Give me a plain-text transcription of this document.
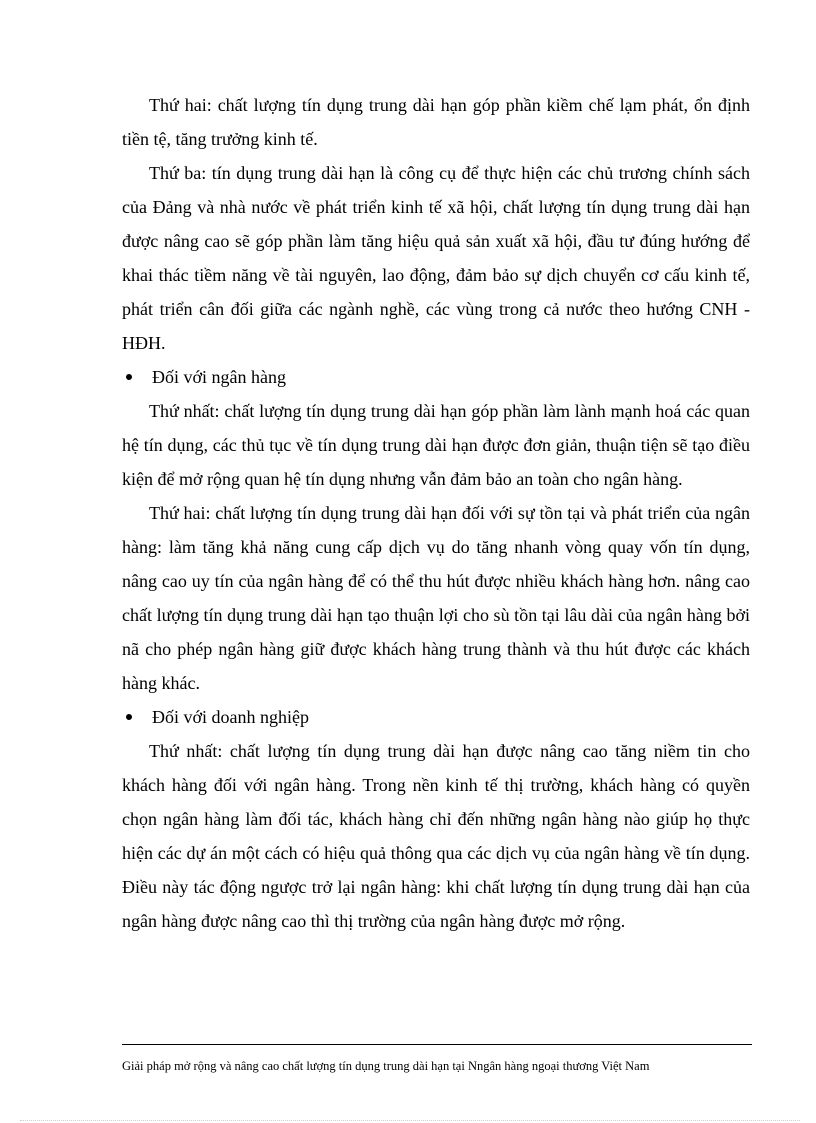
Thứ hai: chất lượng tín dụng trung dài hạn góp phần kiềm chế lạm phát, ổn định tiền tệ, tăng trưởng kinh tế.

Thứ ba: tín dụng trung dài hạn là công cụ để thực hiện các chủ trương chính sách của Đảng và nhà nước về phát triển kinh tế xã hội, chất lượng tín dụng trung dài hạn được nâng cao sẽ góp phần làm tăng hiệu quả sản xuất xã hội, đầu tư đúng hướng để khai thác tiềm năng về tài nguyên, lao động, đảm bảo sự dịch chuyển cơ cấu kinh tế, phát triển cân đối giữa các ngành nghề, các vùng trong cả nước theo hướng CNH - HĐH.

Đối với ngân hàng

Thứ nhất: chất lượng tín dụng trung dài hạn góp phần làm lành mạnh hoá các quan hệ tín dụng, các thủ tục về tín dụng trung dài hạn được đơn giản, thuận tiện sẽ tạo điều kiện để mở rộng quan hệ tín dụng nhưng vẫn đảm bảo an toàn cho ngân hàng.

Thứ hai: chất lượng tín dụng trung dài hạn đối với sự tồn tại và phát triển của ngân hàng: làm tăng khả năng cung cấp dịch vụ do tăng nhanh vòng quay vốn tín dụng, nâng cao uy tín của ngân hàng để có thể thu hút được nhiều khách hàng hơn. nâng cao chất lượng tín dụng trung dài hạn tạo thuận lợi cho sù tồn tại lâu dài của ngân hàng bởi nã cho phép ngân hàng giữ được khách hàng trung thành và thu hút được các khách hàng khác.

Đối với doanh nghiệp

Thứ nhất: chất lượng tín dụng trung dài hạn được nâng cao tăng niềm tin cho khách hàng đối với ngân hàng. Trong nền kinh tế thị trường, khách hàng có quyền chọn ngân hàng làm đối tác, khách hàng chỉ đến những ngân hàng nào giúp họ thực hiện các dự án một cách có hiệu quả thông qua các dịch vụ của ngân hàng về tín dụng. Điều này tác động ngược trở lại ngân hàng: khi chất lượng tín dụng trung dài hạn của ngân hàng được nâng cao thì thị trường của ngân hàng được mở rộng.

Giải pháp mở rộng và nâng cao chất lượng tín dụng trung dài hạn tại Nngân hàng ngoại thương Việt Nam
